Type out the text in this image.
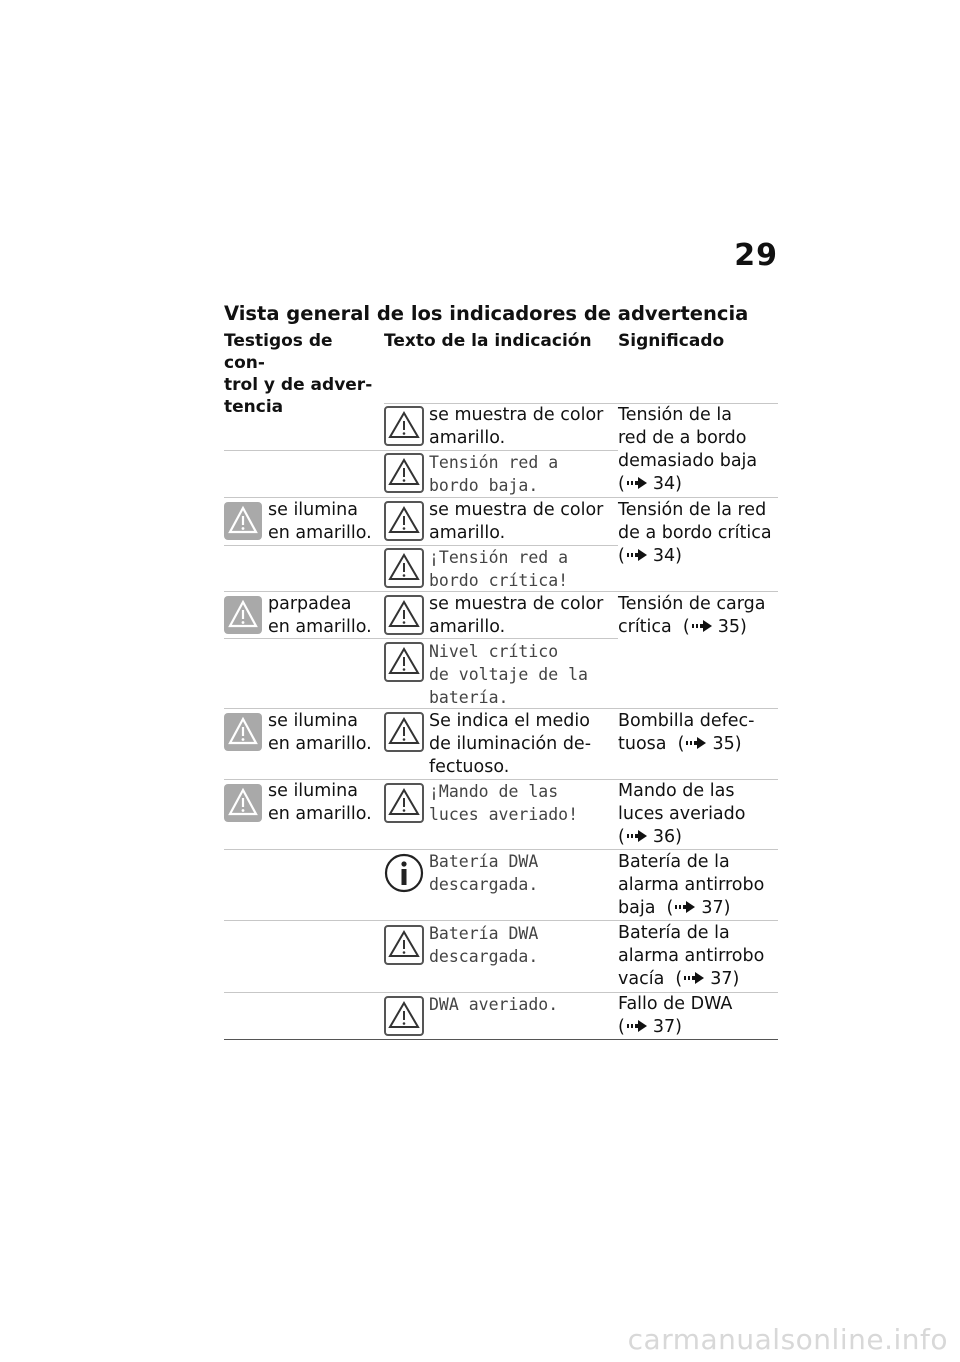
29
Vista general de los indicadores de advertencia
Testigos de con-
trol y de adver-
tencia
Texto de la indicación Significado
se muestra de color
amarillo.
Tensión red a
bordo baja.
Tensión de la
red de a bordo
demasiado baja
( 34)
se ilumina
en amarillo.
se muestra de color
amarillo.
¡Tensión red a
bordo crítica!
Tensión de la red
de a bordo crítica
( 34)
parpadea
en amarillo.
se muestra de color
amarillo.
Nivel crítico
de voltaje de la
batería.
Tensión de carga
crítica  ( 35)
se ilumina
en amarillo.
Se indica el medio
de iluminación de-
fectuoso.
Bombilla defec-
tuosa  ( 35)
se ilumina
en amarillo.
¡Mando de las
luces averiado!
Mando de las
luces averiado
( 36)
Batería DWA
descargada.
Batería de la
alarma antirrobo
baja  ( 37)
Batería DWA
descargada.
Batería de la
alarma antirrobo
vacía  ( 37)
DWA averiado.	Fallo de DWA
( 37)
carmanualsonline.info
